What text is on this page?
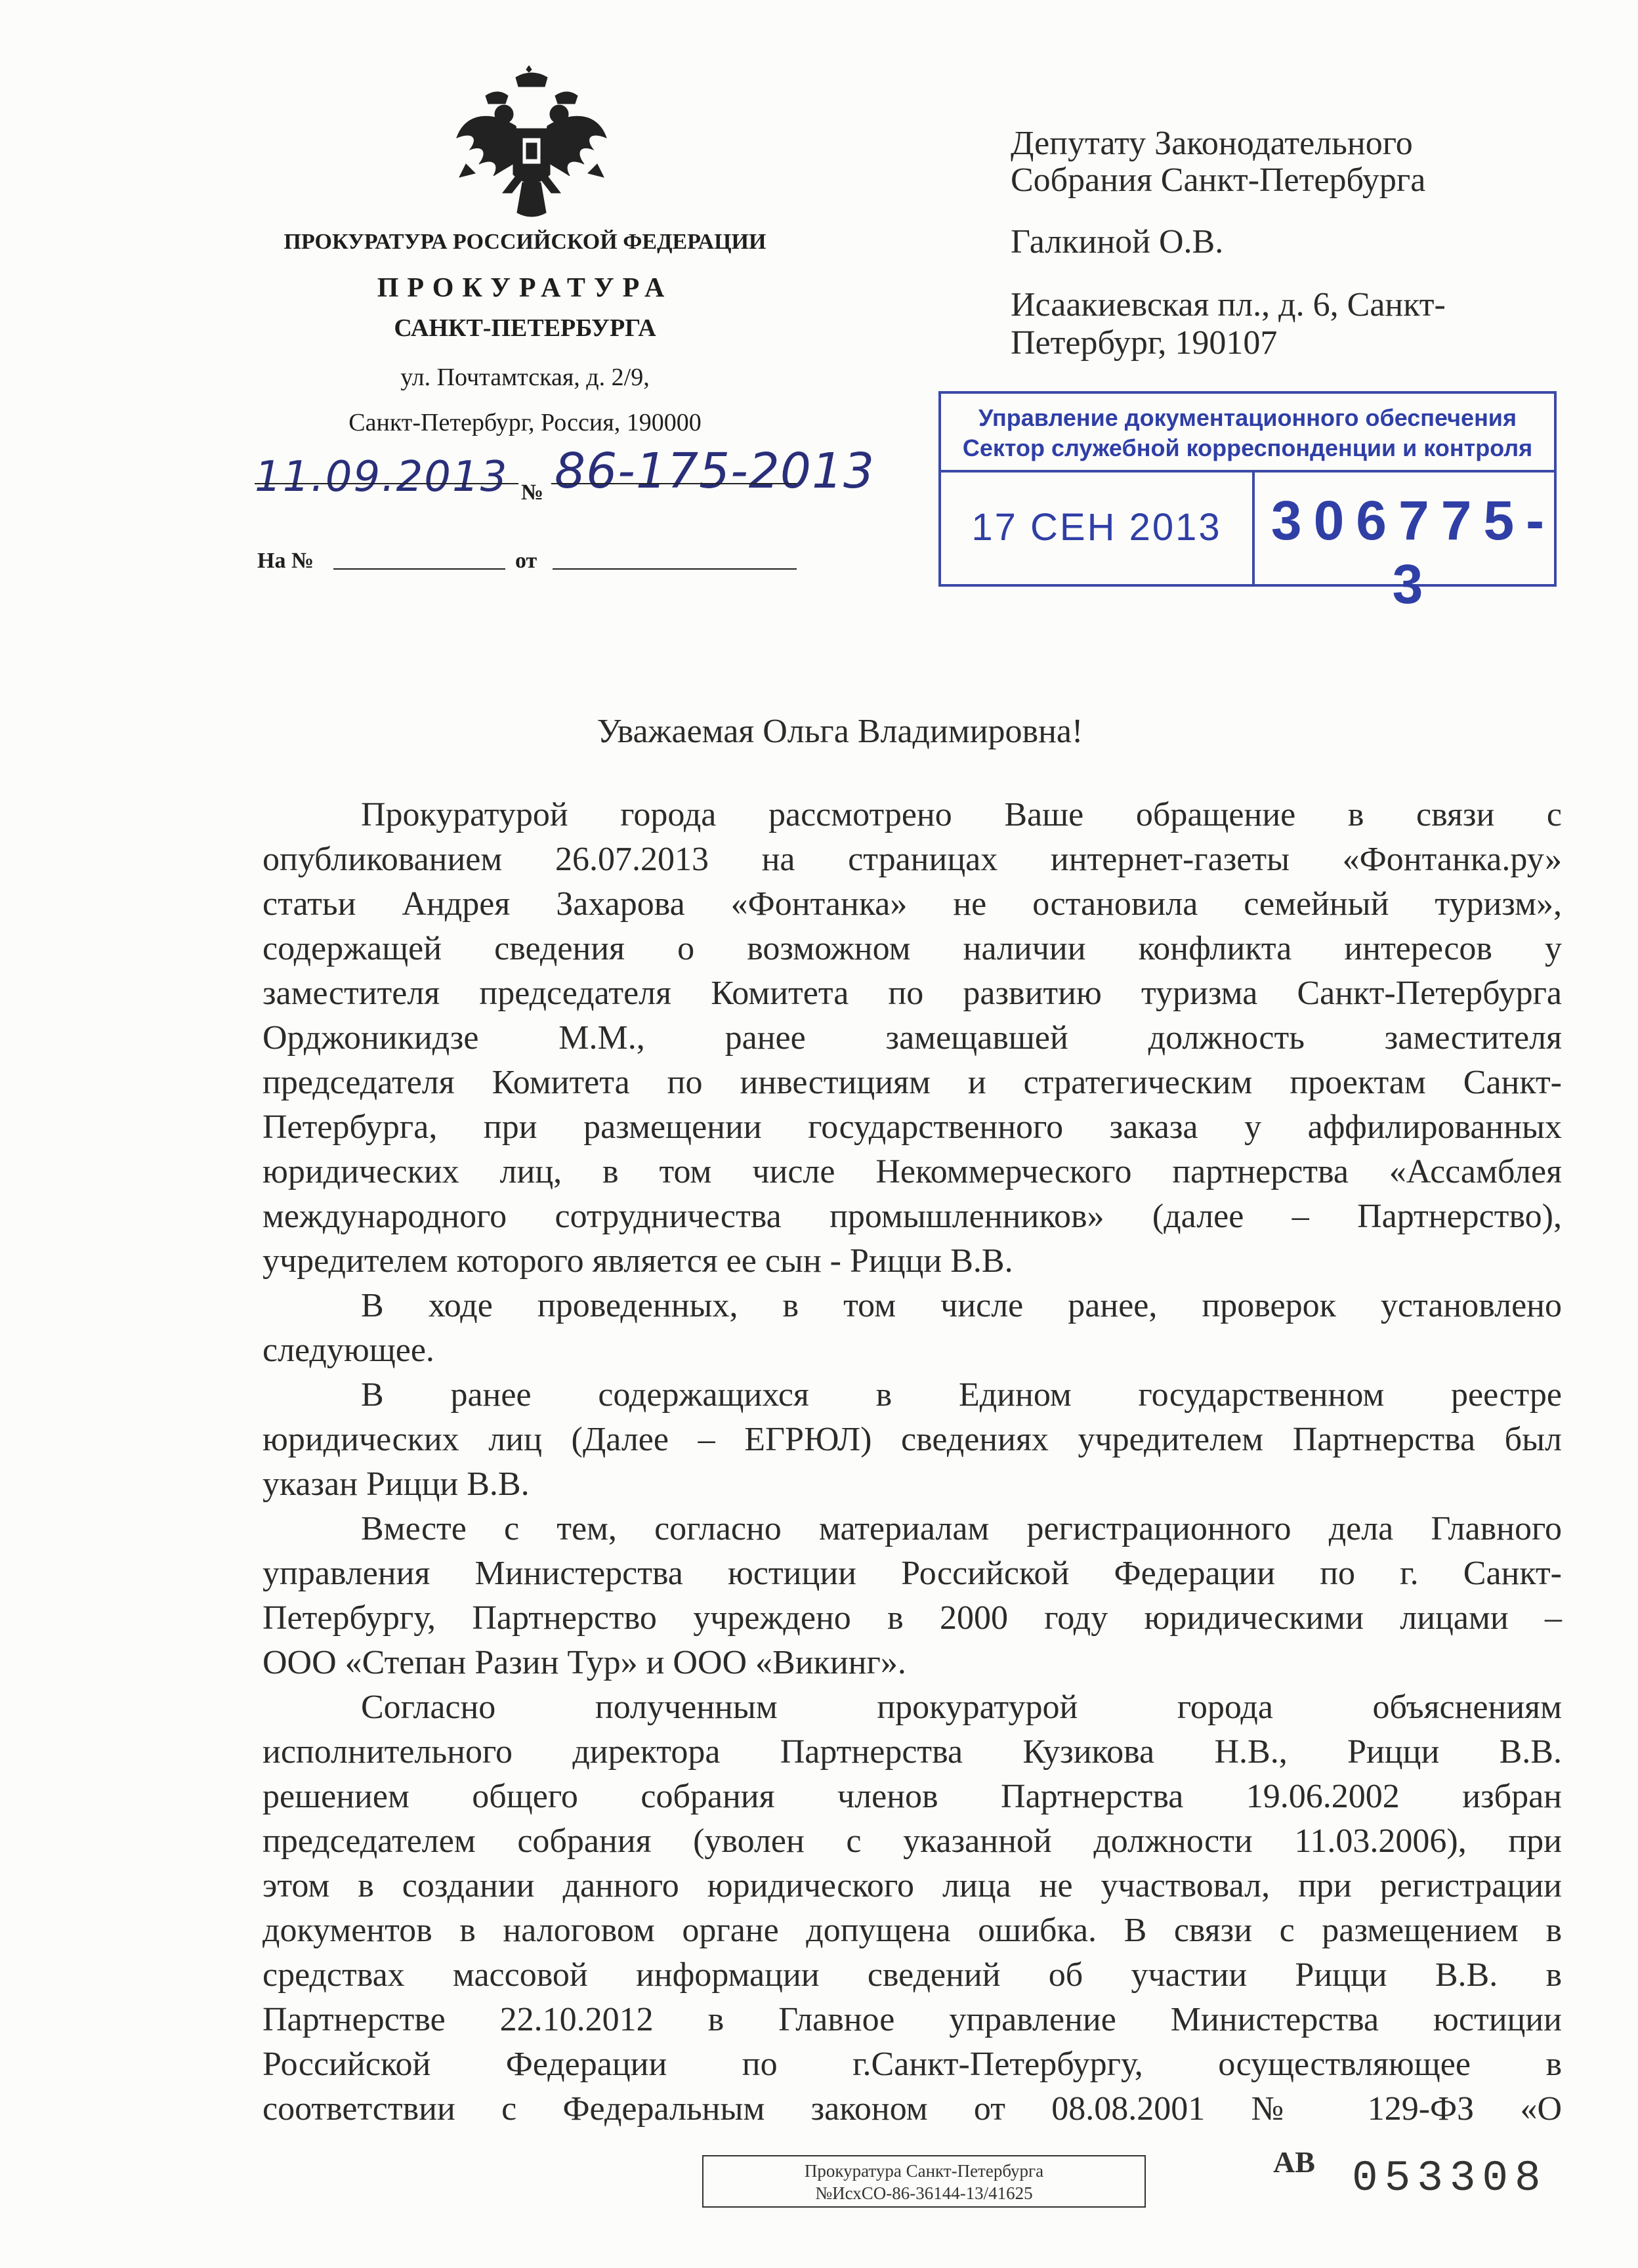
ПРОКУРАТУРА РОССИЙСКОЙ ФЕДЕРАЦИИ
ПРОКУРАТУРА
САНКТ-ПЕТЕРБУРГА
ул. Почтамтская, д. 2/9,
Санкт-Петербург, Россия, 190000
11.09.2013 № 86-175-2013
На №	от
Депутату Законодательного
Собрания Санкт-Петербурга
Галкиной О.В.
Исаакиевская пл., д. 6, Санкт-
Петербург, 190107
Управление документационного обеспечения
Сектор служебной корреспонденции и контроля
17 СЕН 2013 306775-3
Уважаемая Ольга Владимировна!
Прокуратурой города рассмотрено Ваше обращение в связи с
опубликованием 26.07.2013 на страницах интернет-газеты «Фонтанка.ру»
статьи Андрея Захарова «Фонтанка» не остановила семейный туризм»,
содержащей сведения о возможном наличии конфликта интересов у
заместителя председателя Комитета по развитию туризма Санкт-Петербурга
Орджоникидзе М.М., ранее замещавшей должность заместителя
председателя Комитета по инвестициям и стратегическим проектам Санкт-
Петербурга, при размещении государственного заказа у аффилированных
юридических лиц, в том числе Некоммерческого партнерства «Ассамблея
международного сотрудничества промышленников» (далее – Партнерство),
учредителем которого является ее сын - Рицци В.В.
В ходе проведенных, в том числе ранее, проверок установлено
следующее.
В ранее содержащихся в Едином государственном реестре
юридических лиц (Далее – ЕГРЮЛ) сведениях учредителем Партнерства был
указан Рицци В.В.
Вместе с тем, согласно материалам регистрационного дела Главного
управления Министерства юстиции Российской Федерации по г. Санкт-
Петербургу, Партнерство учреждено в 2000 году юридическими лицами –
ООО «Степан Разин Тур» и ООО «Викинг».
Согласно полученным прокуратурой города объяснениям
исполнительного директора Партнерства Кузикова Н.В., Рицци В.В.
решением общего собрания членов Партнерства 19.06.2002 избран
председателем собрания (уволен с указанной должности 11.03.2006), при
этом в создании данного юридического лица не участвовал, при регистрации
документов в налоговом органе допущена ошибка. В связи с размещением в
средствах массовой информации сведений об участии Рицци В.В. в
Партнерстве 22.10.2012 в Главное управление Министерства юстиции
Российской Федерации по г.Санкт-Петербургу, осуществляющее в
соответствии с Федеральным законом от 08.08.2001 № 129-ФЗ «О
Прокуратура Санкт-Петербурга
№ИсхСО-86-36144-13/41625
АВ 053308
